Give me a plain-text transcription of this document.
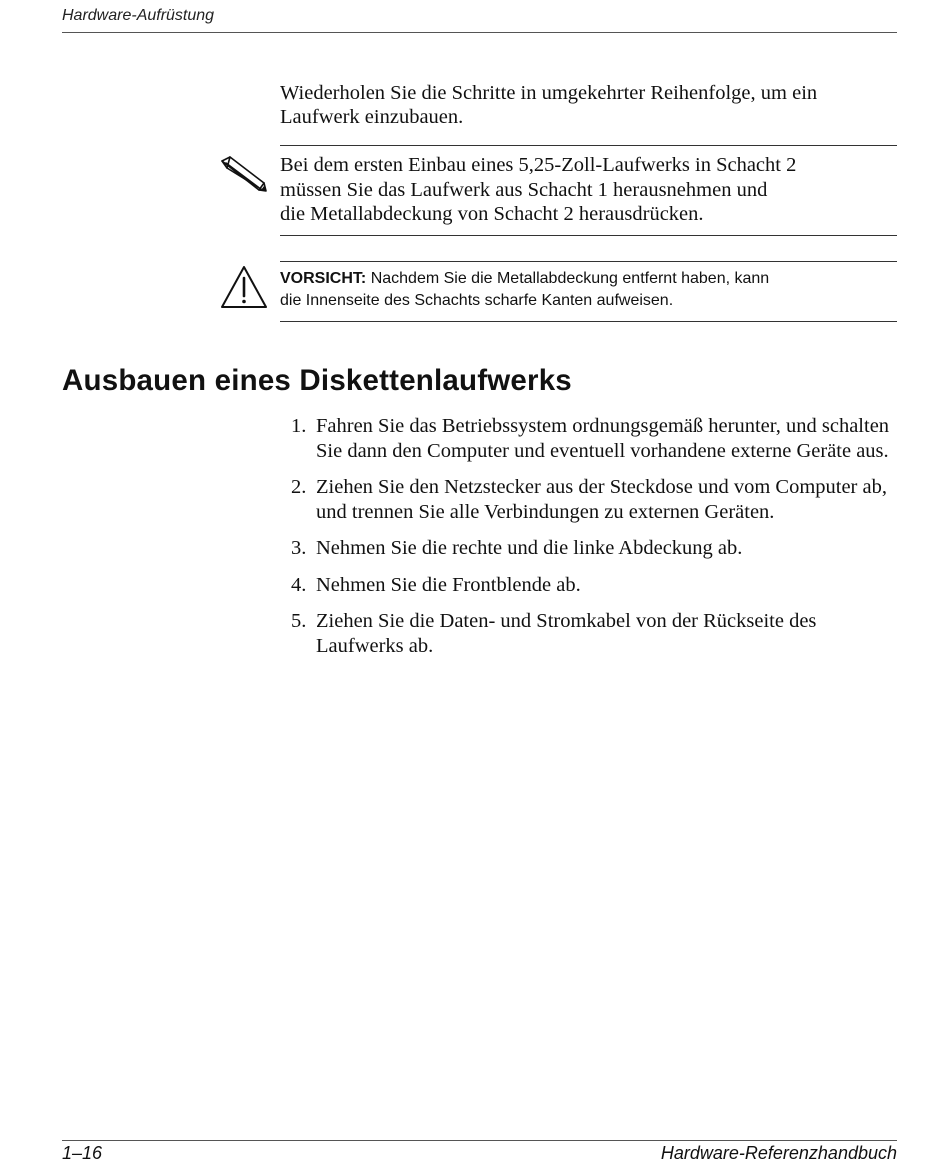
Hardware-Aufrüstung

Wiederholen Sie die Schritte in umgekehrter Reihenfolge, um ein Laufwerk einzubauen.

Bei dem ersten Einbau eines 5,25-Zoll-Laufwerks in Schacht 2
müssen Sie das Laufwerk aus Schacht 1 herausnehmen und
die Metallabdeckung von Schacht 2 herausdrücken.
VORSICHT: Nachdem Sie die Metallabdeckung entfernt haben, kann
die Innenseite des Schachts scharfe Kanten aufweisen.
Ausbauen eines Diskettenlaufwerks
1. Fahren Sie das Betriebssystem ordnungsgemäß herunter, und schalten Sie dann den Computer und eventuell vorhandene externe Geräte aus.
2. Ziehen Sie den Netzstecker aus der Steckdose und vom Computer ab, und trennen Sie alle Verbindungen zu externen Geräten.
3. Nehmen Sie die rechte und die linke Abdeckung ab.
4. Nehmen Sie die Frontblende ab.
5. Ziehen Sie die Daten- und Stromkabel von der Rückseite des Laufwerks ab.
1–16	Hardware-Referenzhandbuch
